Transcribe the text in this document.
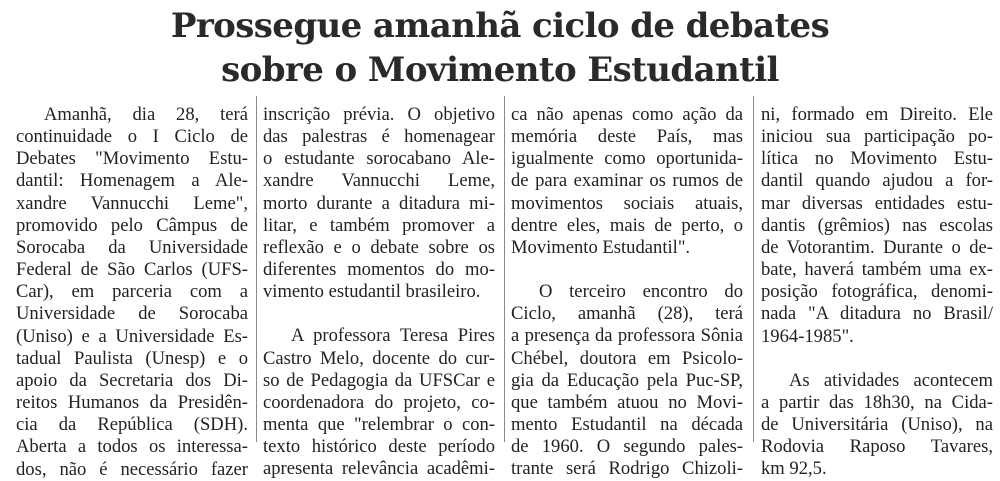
Prossegue amanhã ciclo de debates
sobre o Movimento Estudantil

Amanhã, dia 28, terá

continuidade o I Ciclo de

Debates "Movimento Estu-

dantil: Homenagem a Ale-

xandre Vannucchi Leme",

promovido pelo Câmpus de

Sorocaba da Universidade

Federal de São Carlos (UFS-

Car), em parceria com a

Universidade de Sorocaba

(Uniso) e a Universidade Es-

tadual Paulista (Unesp) e o

apoio da Secretaria dos Di-

reitos Humanos da Presidên-

cia da República (SDH).

Aberta a todos os interessa-

dos, não é necessário fazer

inscrição prévia. O objetivo

das palestras é homenagear

o estudante sorocabano Ale-

xandre Vannucchi Leme,

morto durante a ditadura mi-

litar, e também promover a

reflexão e o debate sobre os

diferentes momentos do mo-

vimento estudantil brasileiro.

A professora Teresa Pires

Castro Melo, docente do cur-

so de Pedagogia da UFSCar e

coordenadora do projeto, co-

menta que "relembrar o con-

texto histórico deste período

apresenta relevância acadêmi-

ca não apenas como ação da

memória deste País, mas

igualmente como oportunida-

de para examinar os rumos de

movimentos sociais atuais,

dentre eles, mais de perto, o

Movimento Estudantil".

O terceiro encontro do

Ciclo, amanhã (28), terá

a presença da professora Sônia

Chébel, doutora em Psicolo-

gia da Educação pela Puc-SP,

que também atuou no Movi-

mento Estudantil na década

de 1960. O segundo pales-

trante será Rodrigo Chizoli-

ni, formado em Direito. Ele

iniciou sua participação po-

lítica no Movimento Estu-

dantil quando ajudou a for-

mar diversas entidades estu-

dantis (grêmios) nas escolas

de Votorantim. Durante o de-

bate, haverá também uma ex-

posição fotográfica, denomi-

nada "A ditadura no Brasil/

1964-1985".

As atividades acontecem

a partir das 18h30, na Cida-

de Universitária (Uniso), na

Rodovia Raposo Tavares,

km 92,5.
